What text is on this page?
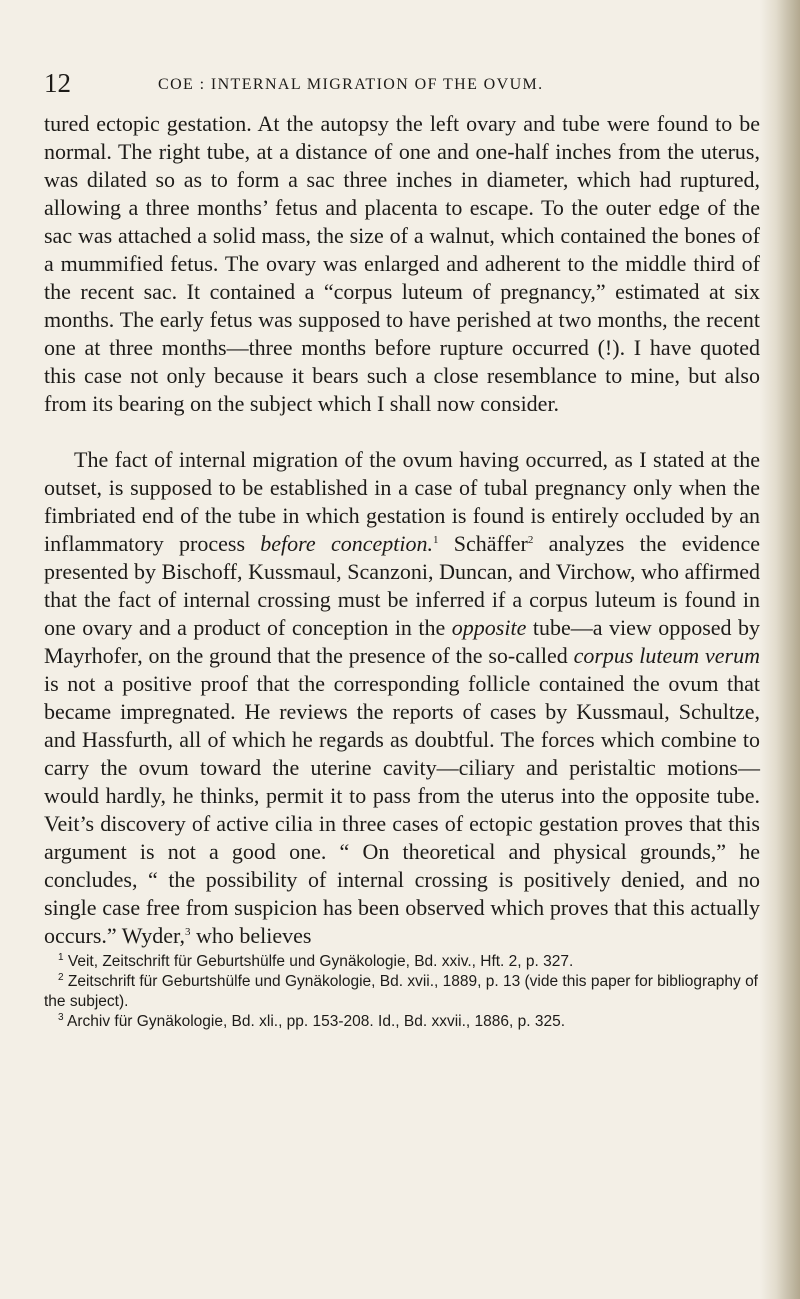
12	COE : INTERNAL MIGRATION OF THE OVUM.

tured ectopic gestation. At the autopsy the left ovary and tube were found to be normal. The right tube, at a distance of one and one-half inches from the uterus, was dilated so as to form a sac three inches in diameter, which had ruptured, allowing a three months’ fetus and placenta to escape. To the outer edge of the sac was attached a solid mass, the size of a walnut, which contained the bones of a mummified fetus. The ovary was enlarged and adherent to the middle third of the recent sac. It contained a “corpus luteum of pregnancy,” estimated at six months. The early fetus was supposed to have perished at two months, the recent one at three months—three months before rupture occurred (!). I have quoted this case not only because it bears such a close resemblance to mine, but also from its bearing on the subject which I shall now consider.

The fact of internal migration of the ovum having occurred, as I stated at the outset, is supposed to be established in a case of tubal pregnancy only when the fimbriated end of the tube in which gestation is found is entirely occluded by an inflammatory process before conception.$^1$ Schäffer$^2$ analyzes the evidence presented by Bischoff, Kussmaul, Scanzoni, Duncan, and Virchow, who affirmed that the fact of internal crossing must be inferred if a corpus luteum is found in one ovary and a product of conception in the opposite tube—a view opposed by Mayrhofer, on the ground that the presence of the so-called corpus luteum verum is not a positive proof that the corresponding follicle contained the ovum that became impregnated. He reviews the reports of cases by Kussmaul, Schultze, and Hassfurth, all of which he regards as doubtful. The forces which combine to carry the ovum toward the uterine cavity—ciliary and peristaltic motions—would hardly, he thinks, permit it to pass from the uterus into the opposite tube. Veit’s discovery of active cilia in three cases of ectopic gestation proves that this argument is not a good one. “ On theoretical and physical grounds,” he concludes, “ the possibility of internal crossing is positively denied, and no single case free from suspicion has been observed which proves that this actually occurs.” Wyder,$^3$ who believes

$^1$ Veit, Zeitschrift für Geburtshülfe und Gynäkologie, Bd. xxiv., Hft. 2, p. 327.

$^2$ Zeitschrift für Geburtshülfe und Gynäkologie, Bd. xvii., 1889, p. 13 (vide this paper for bibliography of the subject).

$^3$ Archiv für Gynäkologie, Bd. xli., pp. 153-208. Id., Bd. xxvii., 1886, p. 325.
